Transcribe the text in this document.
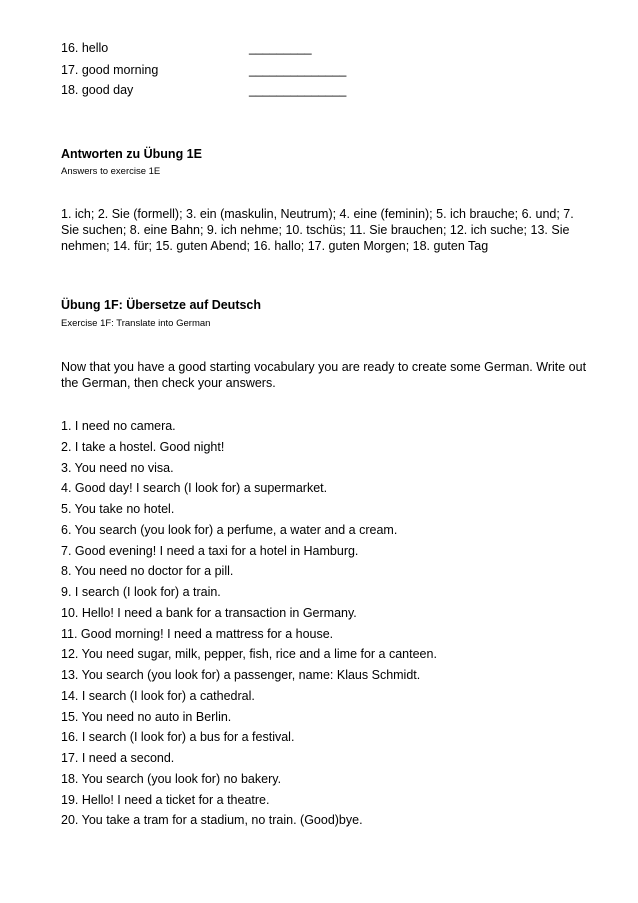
16. hello	_________
17. good morning	______________
18. good day	______________
Antworten zu Übung 1E
Answers to exercise 1E
1. ich; 2. Sie (formell); 3. ein (maskulin, Neutrum); 4. eine (feminin); 5. ich brauche; 6. und; 7. Sie suchen; 8. eine Bahn; 9. ich nehme; 10. tschüs; 11. Sie brauchen; 12. ich suche; 13. Sie nehmen; 14. für; 15. guten Abend; 16. hallo; 17. guten Morgen; 18. guten Tag
Übung 1F: Übersetze auf Deutsch
Exercise 1F: Translate into German
Now that you have a good starting vocabulary you are ready to create some German. Write out the German, then check your answers.
1. I need no camera.
2. I take a hostel. Good night!
3. You need no visa.
4. Good day! I search (I look for) a supermarket.
5. You take no hotel.
6. You search (you look for) a perfume, a water and a cream.
7. Good evening! I need a taxi for a hotel in Hamburg.
8. You need no doctor for a pill.
9. I search (I look for) a train.
10. Hello! I need a bank for a transaction in Germany.
11. Good morning! I need a mattress for a house.
12. You need sugar, milk, pepper, fish, rice and a lime for a canteen.
13. You search (you look for) a passenger, name: Klaus Schmidt.
14. I search (I look for) a cathedral.
15. You need no auto in Berlin.
16. I search (I look for) a bus for a festival.
17. I need a second.
18. You search (you look for) no bakery.
19. Hello! I need a ticket for a theatre.
20. You take a tram for a stadium, no train. (Good)bye.
